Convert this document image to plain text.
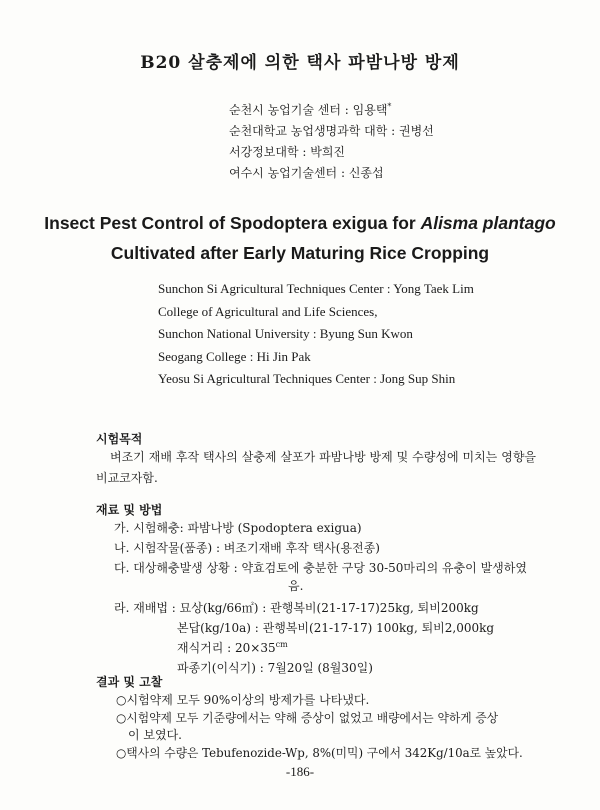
B20 살충제에 의한 택사 파밤나방 방제
순천시 농업기술 센터 : 임용택*
순천대학교 농업생명과학 대학 : 권병선
서강정보대학 : 박희진
여수시 농업기술센터 : 신종섭
Insect Pest Control of Spodoptera exigua for Alisma plantago Cultivated after Early Maturing Rice Cropping
Sunchon Si Agricultural Techniques Center : Yong Taek Lim
College of Agricultural and Life Sciences,
Sunchon National University : Byung Sun Kwon
Seogang College : Hi Jin Pak
Yeosu Si Agricultural Techniques Center : Jong Sup Shin
시험목적
벼조기 재배 후작 택사의 살충제 살포가 파밤나방 방제 및 수량성에 미치는 영향을 비교코자함.
재료 및 방법
가. 시험해충: 파밤나방 (Spodoptera exigua)
나. 시험작물(품종) : 벼조기재배 후작 택사(용전종)
다. 대상해충발생 상황 : 약효검토에 충분한 구당 30-50마리의 유충이 발생하였
음.
라. 재배법 : 묘상(kg/66㎡) : 관행복비(21-17-17)25kg, 퇴비200kg
본답(kg/10a) : 관행복비(21-17-17) 100kg, 퇴비2,000kg
재식거리 : $20\times 35^{cm}$
파종기(이식기) : 7월20일 (8월30일)
결과 및 고찰
○시험약제 모두 90%이상의 방제가를 나타냈다.
○시험약제 모두 기준량에서는 약해 증상이 없었고 배량에서는 약하게 증상
이 보였다.
○택사의 수량은 Tebufenozide-Wp, 8%(미믹) 구에서 342Kg/10a로 높았다.
-186-
